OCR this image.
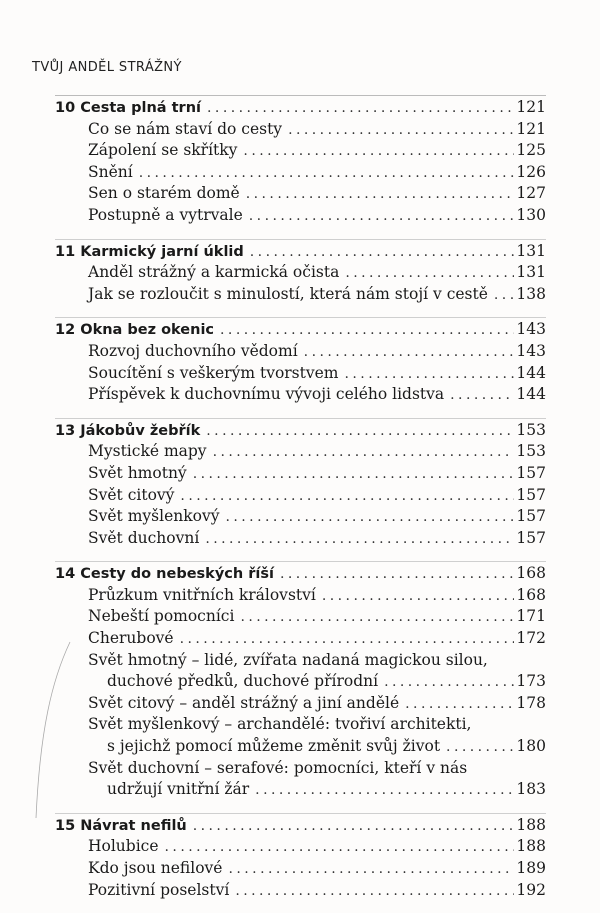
TVŮJ ANDĚL STRÁŽNÝ
10 Cesta plná trní . . .	121
Co se nám staví do cesty . . .	121
Zápolení se skřítky . . .	125
Snění . . .	126
Sen o starém domě . . .	127
Postupně a vytrvale . . .	130
11 Karmický jarní úklid . . .	131
Anděl strážný a karmická očista . . .	131
Jak se rozloučit s minulostí, která nám stojí v cestě . . . 138
12 Okna bez okenic . . .	143
Rozvoj duchovního vědomí . . .	143
Soucítění s veškerým tvorstvem . . .	144
Příspěvek k duchovnímu vývoji celého lidstva . . .	144
13 Jákobův žebřík . . .	153
Mystické mapy . . .	153
Svět hmotný . . .	157
Svět citový . . .	157
Svět myšlenkový . . .	157
Svět duchovní . . .	157
14 Cesty do nebeských říší . . .	168
Průzkum vnitřních království . . .	168
Nebeští pomocníci . . .	171
Cherubové . . .	172
Svět hmotný – lidé, zvířata nadaná magickou silou,
duchové předků, duchové přírodní . . .	173
Svět citový – anděl strážný a jiní andělé . . .	178
Svět myšlenkový – archandělé: tvořiví architekti,
s jejichž pomocí můžeme změnit svůj život . . .	180
Svět duchovní – serafové: pomocníci, kteří v nás
udržují vnitřní žár . . .	183
15 Návrat nefilů . . .	188
Holubice . . .	188
Kdo jsou nefilové . . .	189
Pozitivní poselství . . .	192
